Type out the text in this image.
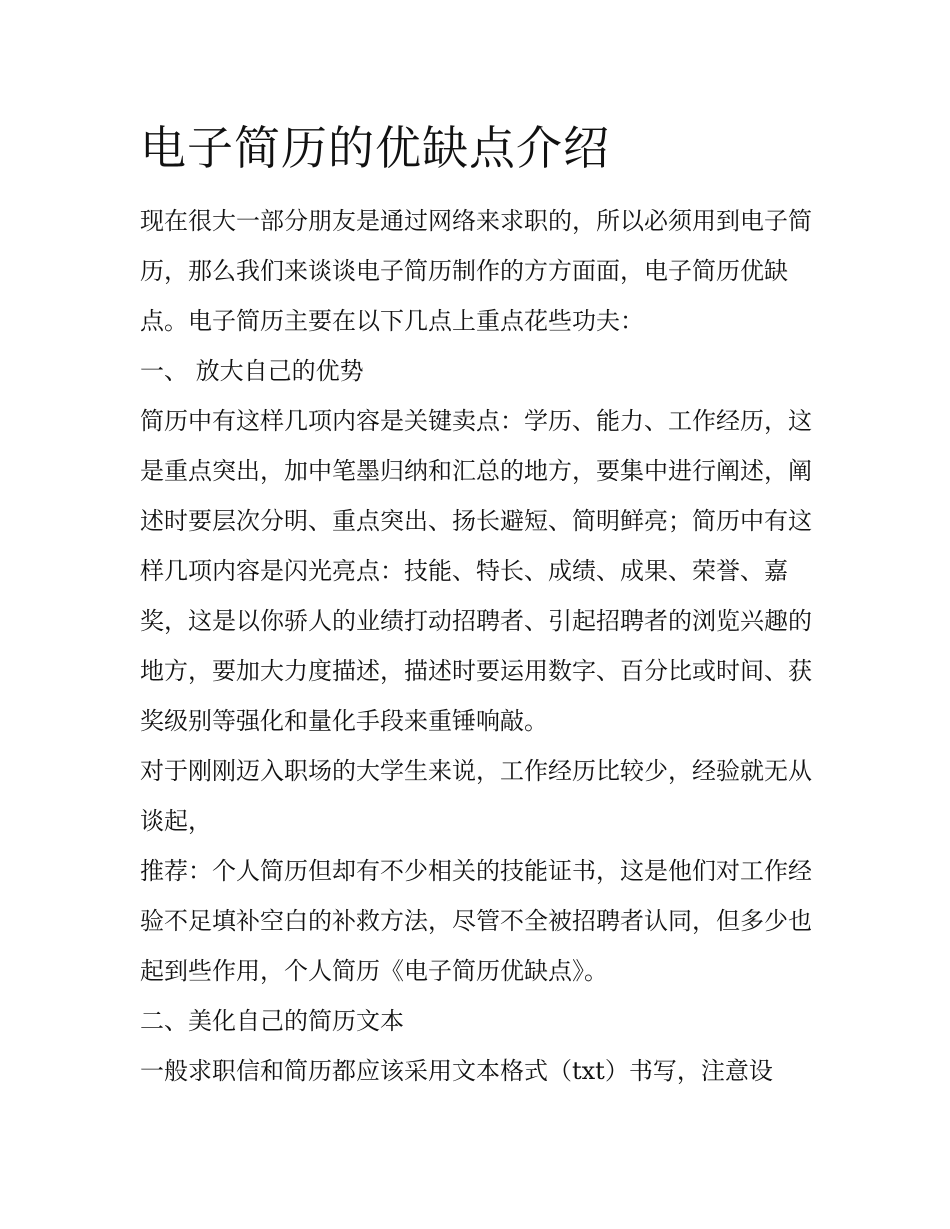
电子简历的优缺点介绍

现在很大一部分朋友是通过网络来求职的，所以必须用到电子简历，那么我们来谈谈电子简历制作的方方面面，电子简历优缺点。电子简历主要在以下几点上重点花些功夫：

一、 放大自己的优势

简历中有这样几项内容是关键卖点：学历、能力、工作经历，这是重点突出，加中笔墨归纳和汇总的地方，要集中进行阐述，阐述时要层次分明、重点突出、扬长避短、简明鲜亮；简历中有这样几项内容是闪光亮点：技能、特长、成绩、成果、荣誉、嘉奖，这是以你骄人的业绩打动招聘者、引起招聘者的浏览兴趣的地方，要加大力度描述，描述时要运用数字、百分比或时间、获奖级别等强化和量化手段来重锤响敲。

对于刚刚迈入职场的大学生来说，工作经历比较少，经验就无从谈起，

推荐：个人简历但却有不少相关的技能证书，这是他们对工作经验不足填补空白的补救方法，尽管不全被招聘者认同，但多少也起到些作用，个人简历《电子简历优缺点》。

二、美化自己的简历文本

一般求职信和简历都应该采用文本格式（txt）书写，注意设
